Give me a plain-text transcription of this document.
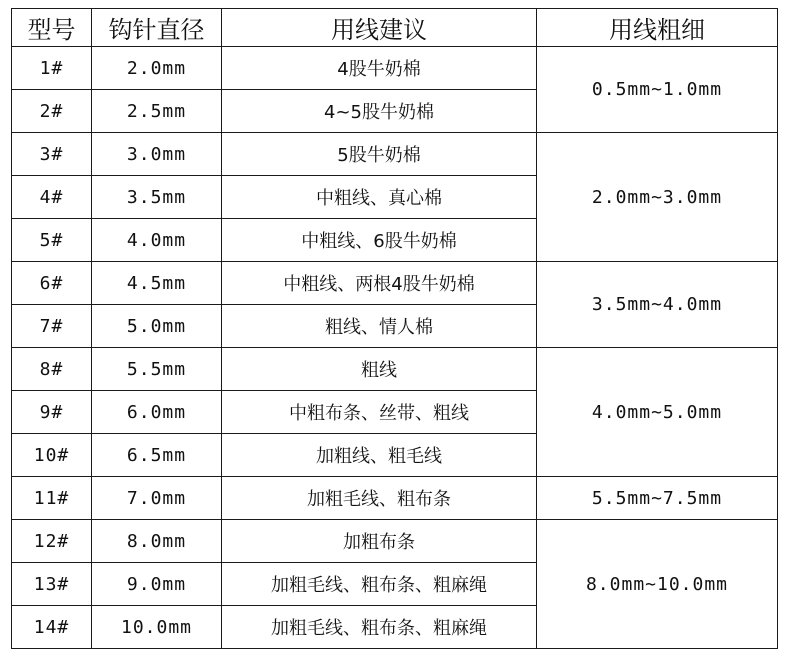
型号	钩针直径	用线建议	用线粗细
1#	2.0mm	4股牛奶棉	0.5mm~1.0mm
2#	2.5mm	4~5股牛奶棉	
3#	3.0mm	5股牛奶棉	2.0mm~3.0mm
4#	3.5mm	中粗线、真心棉	
5#	4.0mm	中粗线、6股牛奶棉	
6#	4.5mm	中粗线、两根4股牛奶棉	3.5mm~4.0mm
7#	5.0mm	粗线、情人棉	
8#	5.5mm	粗线	4.0mm~5.0mm
9#	6.0mm	中粗布条、丝带、粗线	
10#	6.5mm	加粗线、粗毛线	
11#	7.0mm	加粗毛线、粗布条	5.5mm~7.5mm
12#	8.0mm	加粗布条	8.0mm~10.0mm
13#	9.0mm	加粗毛线、粗布条、粗麻绳	
14#	10.0mm	加粗毛线、粗布条、粗麻绳	
